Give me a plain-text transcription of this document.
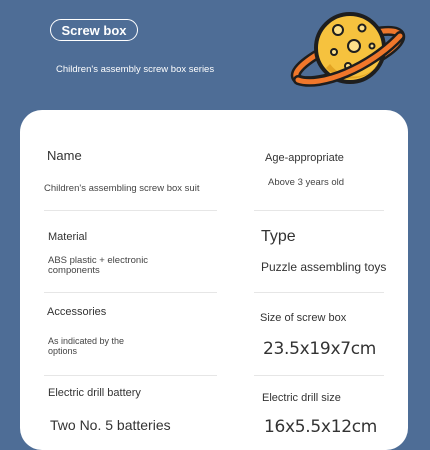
Screw box
Children's assembly screw box series
Name
Children's assembling screw box suit
Age-appropriate
Above 3 years old
Material
ABS plastic + electronic components
Type
Puzzle assembling toys
Accessories
As indicated by the options
Size of screw box
23.5x19x7cm
Electric drill battery
Two No. 5 batteries
Electric drill size
16x5.5x12cm
